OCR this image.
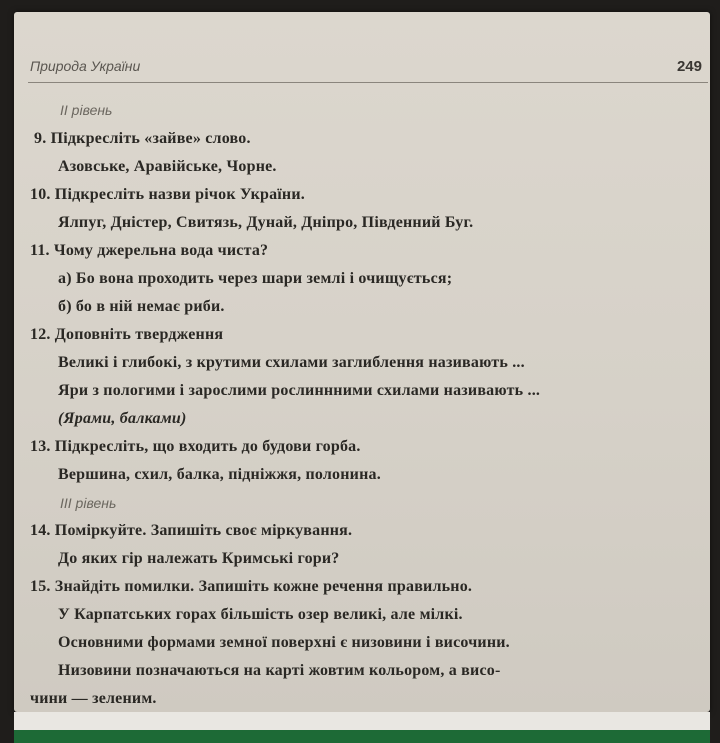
Природа України	249
ІІ рівень
9. Підкресліть «зайве» слово.
Азовське, Аравійське, Чорне.
10. Підкресліть назви річок України.
Ялпуг, Дністер, Свитязь, Дунай, Дніпро, Південний Буг.
11. Чому джерельна вода чиста?
а) Бо вона проходить через шари землі і очищується;
б) бо в ній немає риби.
12. Доповніть твердження
Великі і глибокі, з крутими схилами заглиблення називають ...
Яри з пологими і зарослими рослиннними схилами називають ...
(Ярами, балками)
13. Підкресліть, що входить до будови горба.
Вершина, схил, балка, підніжжя, полонина.
ІІІ рівень
14. Поміркуйте. Запишіть своє міркування.
До яких гір належать Кримські гори?
15. Знайдіть помилки. Запишіть кожне речення правильно.
У Карпатських горах більшість озер великі, але мілкі.
Основними формами земної поверхні є низовини і височини.
Низовини позначаються на карті жовтим кольором, а висо-
чини — зеленим.
